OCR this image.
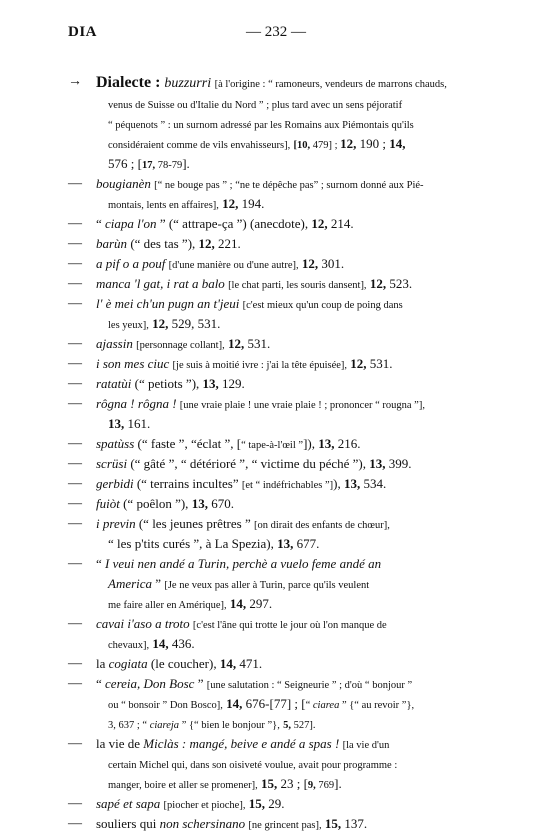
DIA	— 232 —
→ Dialecte : buzzurri [à l'origine : “ ramoneurs, vendeurs de marrons chauds,
venus de Suisse ou d'Italie du Nord ” ; plus tard avec un sens péjoratif
“ péquenots ” : un surnom adressé par les Romains aux Piémontais qu'ils
considéraient comme de vils envahisseurs], [10, 479] ; 12, 190 ; 14,
576 ; [17, 78-79].
—	bougianèn [“ ne bouge pas ” ; “ne te dépêche pas” ; surnom donné aux Pié-
montais, lents en affaires], 12, 194.
—	“ ciapa l'on ” (“ attrape-ça ”) (anecdote), 12, 214.
—	barùn (“ des tas ”), 12, 221.
—	a pif o a pouf [d'une manière ou d'une autre], 12, 301.
—	manca 'l gat, i rat a balo [le chat parti, les souris dansent], 12, 523.
—	l' è mei ch'un pugn an t'jeui [c'est mieux qu'un coup de poing dans
les yeux], 12, 529, 531.
—	ajassin [personnage collant], 12, 531.
—	i son mes ciuc [je suis à moitié ivre : j'ai la tête épuisée], 12, 531.
—	ratatùi (“ petiots ”), 13, 129.
—	rôgna ! rôgna ! [une vraie plaie ! une vraie plaie ! ; prononcer “ rougna ”],
13, 161.
—	spatùss (“ faste ”, “éclat ”, [“ tape-à-l'œil ”]), 13, 216.
—	scrüsi (“ gâté ”, “ détérioré ”, “ victime du péché ”), 13, 399.
—	gerbidi (“ terrains incultes” [et “ indéfrichables ”]), 13, 534.
—	fuiòt (“ poêlon ”), 13, 670.
—	i previn (“ les jeunes prêtres ” [on dirait des enfants de chœur],
“ les p'tits curés ”, à La Spezia), 13, 677.
—	“ I veui nen andé a Turin, perchè a vuelo feme andé an
America ” [Je ne veux pas aller à Turin, parce qu'ils veulent
me faire aller en Amérique], 14, 297.
—	cavai i'aso a troto [c'est l'âne qui trotte le jour où l'on manque de
chevaux], 14, 436.
—	la cogiata (le coucher), 14, 471.
—	“ cereia, Don Bosc ” [une salutation : “ Seigneurie ” ; d'où “ bonjour ”
ou “ bonsoir ” Don Bosco], 14, 676-[77] ; [“ ciarea ” {“ au revoir ”},
3, 637 ; “ ciareja ” {“ bien le bonjour ”}, 5, 527].
—	la vie de Miclàs : mangé, beive e andé a spas ! [la vie d'un
certain Michel qui, dans son oisiveté voulue, avait pour programme :
manger, boire et aller se promener], 15, 23 ; [9, 769].
—	sapé et sapa [piocher et pioche], 15, 29.
—	souliers qui non schersinano [ne grincent pas], 15, 137.
